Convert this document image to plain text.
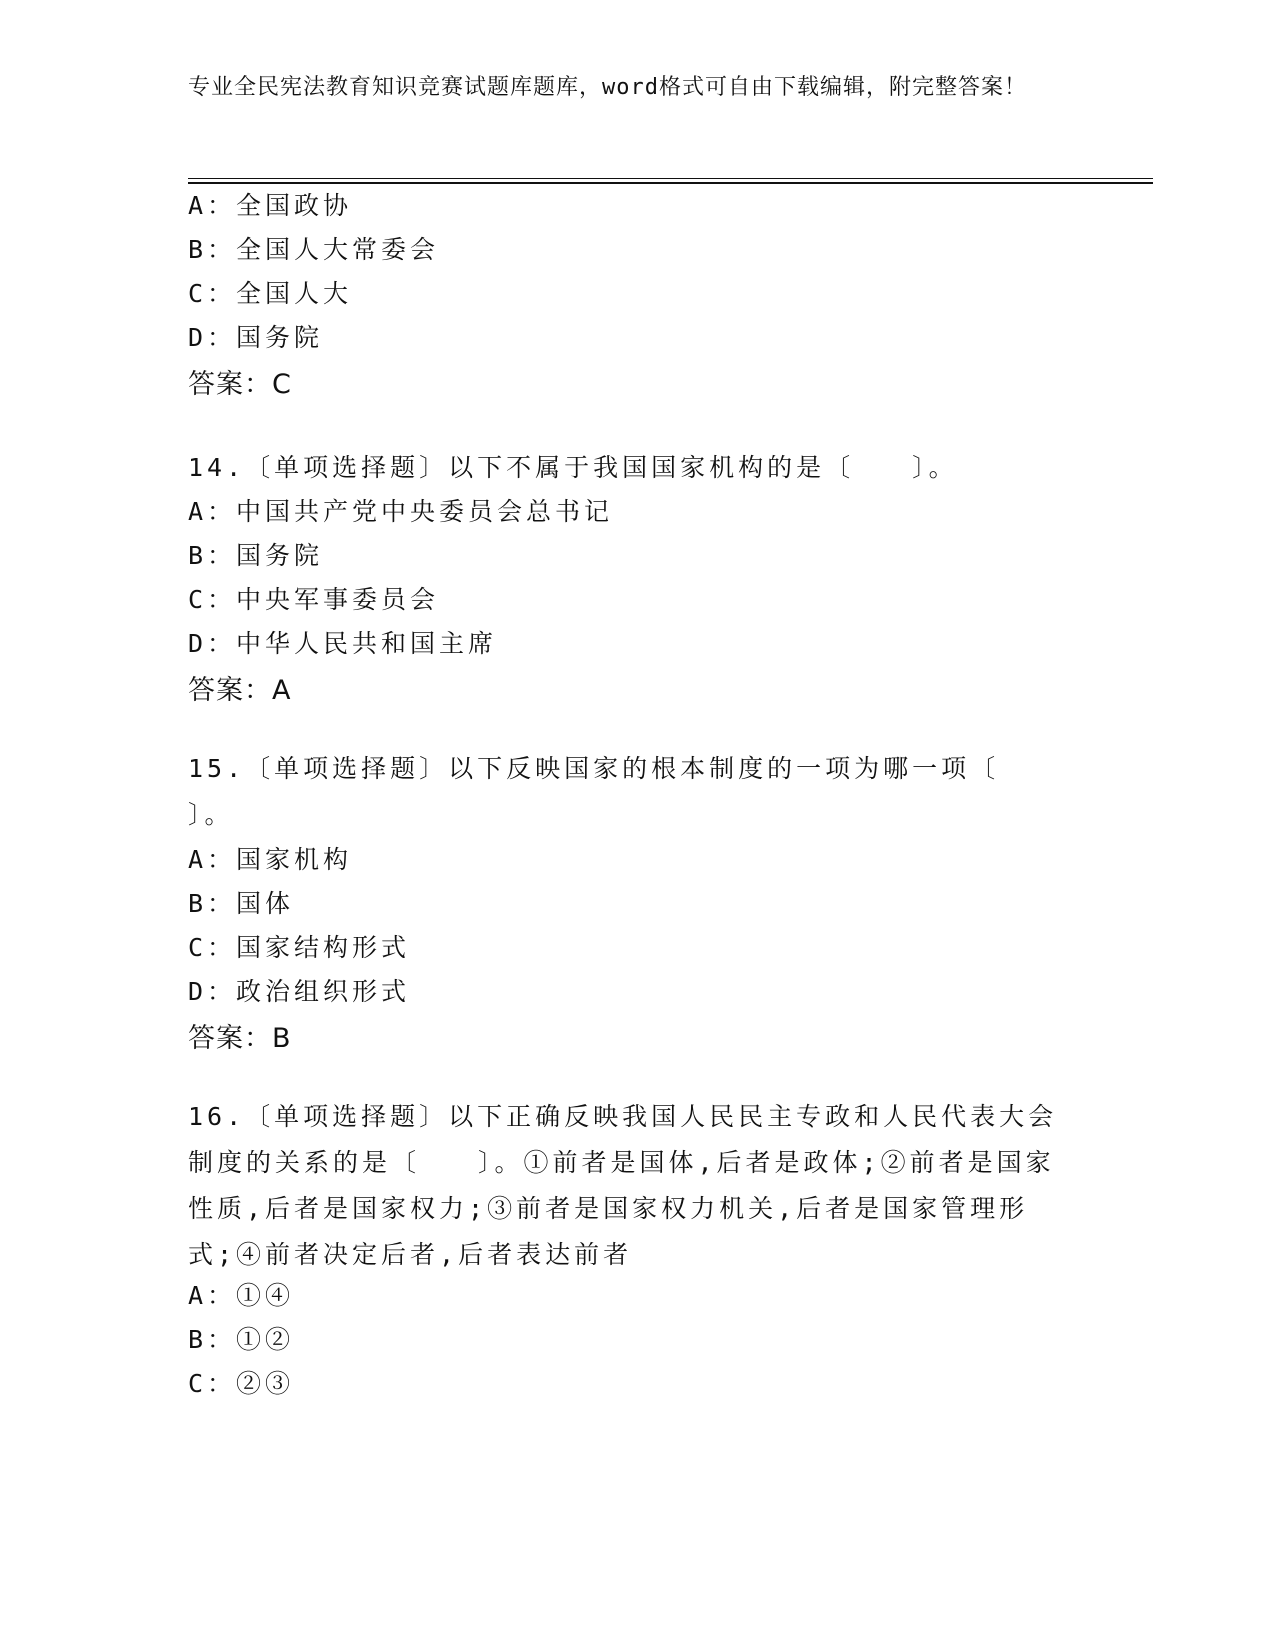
专业全民宪法教育知识竞赛试题库题库，word格式可自由下载编辑，附完整答案！
A：全国政协
B：全国人大常委会
C：全国人大
D：国务院
答案：C
14.〔单项选择题〕以下不属于我国国家机构的是〔　　〕。
A：中国共产党中央委员会总书记
B：国务院
C：中央军事委员会
D：中华人民共和国主席
答案：A
15.〔单项选择题〕以下反映国家的根本制度的一项为哪一项〔　　〕。
A：国家机构
B：国体
C：国家结构形式
D：政治组织形式
答案：B
16.〔单项选择题〕以下正确反映我国人民民主专政和人民代表大会制度的关系的是〔　　〕。①前者是国体,后者是政体;②前者是国家性质,后者是国家权力;③前者是国家权力机关,后者是国家管理形式;④前者决定后者,后者表达前者
A：①④
B：①②
C：②③
